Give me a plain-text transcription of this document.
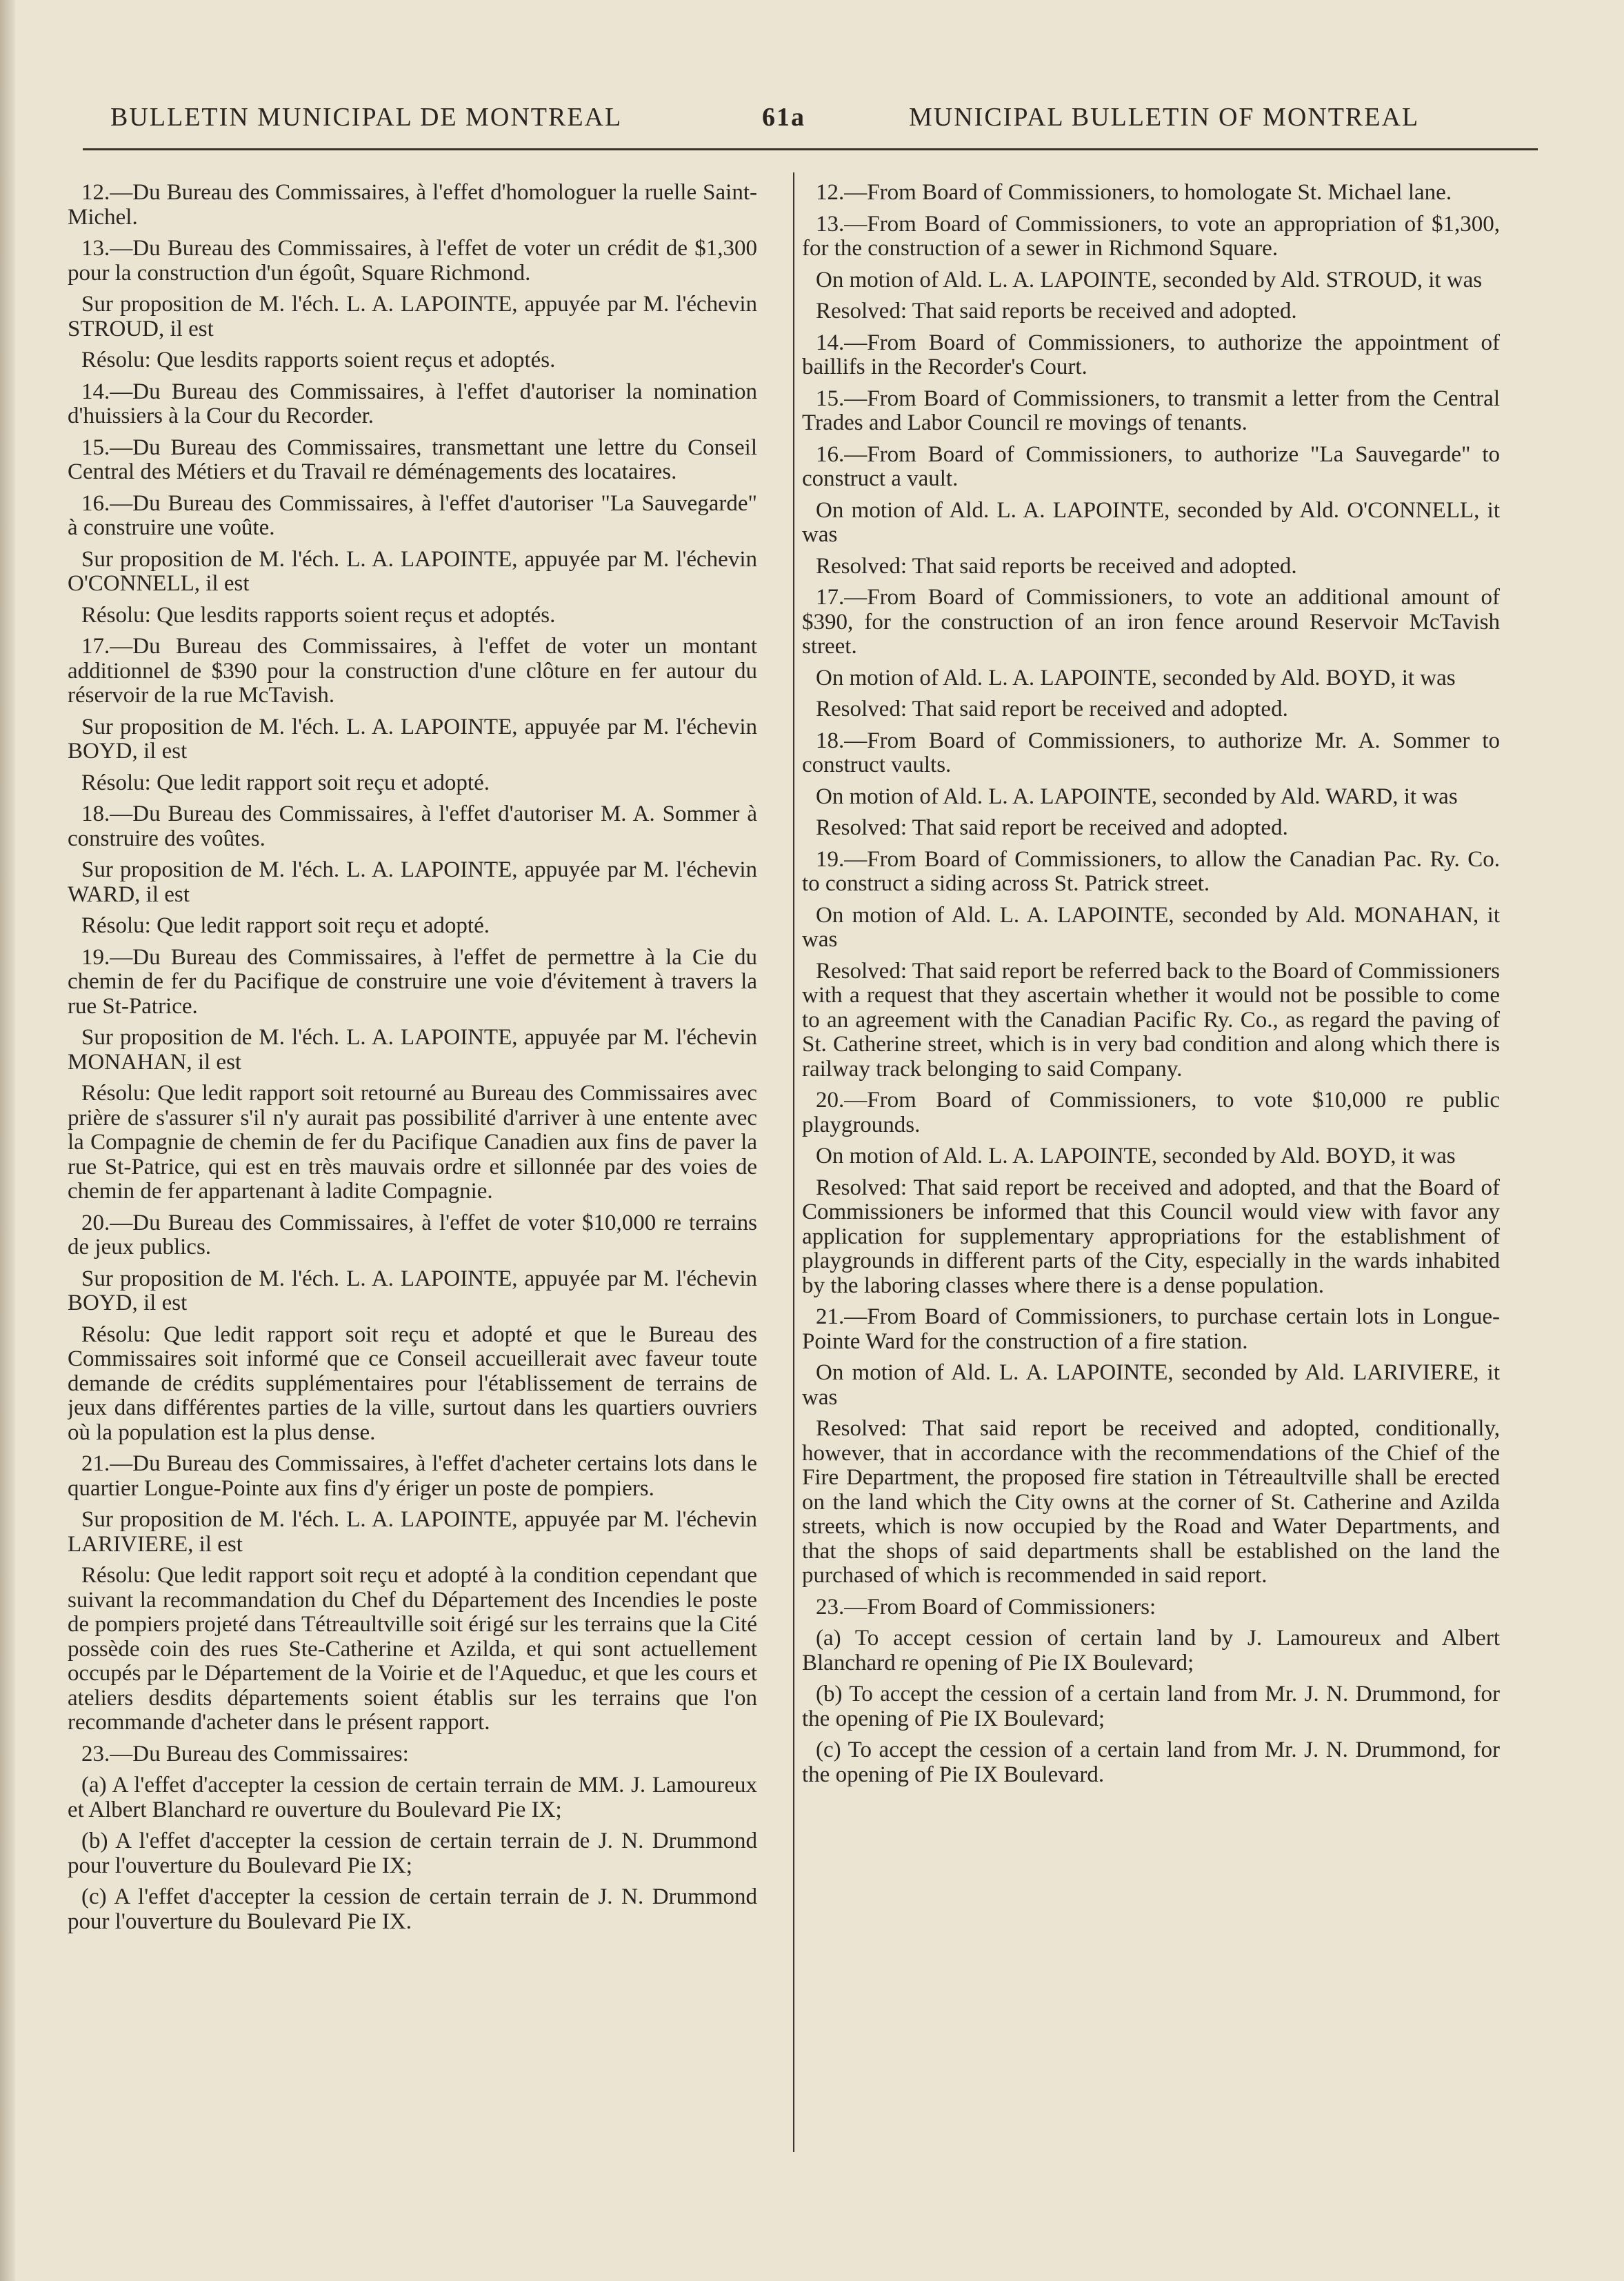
BULLETIN MUNICIPAL DE MONTREAL	61a	MUNICIPAL BULLETIN OF MONTREAL

12.—Du Bureau des Commissaires, à l'effet d'homologuer la ruelle Saint-Michel.

13.—Du Bureau des Commissaires, à l'effet de voter un crédit de $1,300 pour la construction d'un égoût, Square Richmond.

Sur proposition de M. l'éch. L. A. LAPOINTE, appuyée par M. l'échevin STROUD, il est

Résolu: Que lesdits rapports soient reçus et adoptés.

14.—Du Bureau des Commissaires, à l'effet d'autoriser la nomination d'huissiers à la Cour du Recorder.

15.—Du Bureau des Commissaires, transmettant une lettre du Conseil Central des Métiers et du Travail re déménagements des locataires.

16.—Du Bureau des Commissaires, à l'effet d'autoriser "La Sauvegarde" à construire une voûte.

Sur proposition de M. l'éch. L. A. LAPOINTE, appuyée par M. l'échevin O'CONNELL, il est

Résolu: Que lesdits rapports soient reçus et adoptés.

17.—Du Bureau des Commissaires, à l'effet de voter un montant additionnel de $390 pour la construction d'une clôture en fer autour du réservoir de la rue McTavish.

Sur proposition de M. l'éch. L. A. LAPOINTE, appuyée par M. l'échevin BOYD, il est

Résolu: Que ledit rapport soit reçu et adopté.

18.—Du Bureau des Commissaires, à l'effet d'autoriser M. A. Sommer à construire des voûtes.

Sur proposition de M. l'éch. L. A. LAPOINTE, appuyée par M. l'échevin WARD, il est

Résolu: Que ledit rapport soit reçu et adopté.

19.—Du Bureau des Commissaires, à l'effet de permettre à la Cie du chemin de fer du Pacifique de construire une voie d'évitement à travers la rue St-Patrice.

Sur proposition de M. l'éch. L. A. LAPOINTE, appuyée par M. l'échevin MONAHAN, il est

Résolu: Que ledit rapport soit retourné au Bureau des Commissaires avec prière de s'assurer s'il n'y aurait pas possibilité d'arriver à une entente avec la Compagnie de chemin de fer du Pacifique Canadien aux fins de paver la rue St-Patrice, qui est en très mauvais ordre et sillonnée par des voies de chemin de fer appartenant à ladite Compagnie.

20.—Du Bureau des Commissaires, à l'effet de voter $10,000 re terrains de jeux publics.

Sur proposition de M. l'éch. L. A. LAPOINTE, appuyée par M. l'échevin BOYD, il est

Résolu: Que ledit rapport soit reçu et adopté et que le Bureau des Commissaires soit informé que ce Conseil accueillerait avec faveur toute demande de crédits supplémentaires pour l'établissement de terrains de jeux dans différentes parties de la ville, surtout dans les quartiers ouvriers où la population est la plus dense.

21.—Du Bureau des Commissaires, à l'effet d'acheter certains lots dans le quartier Longue-Pointe aux fins d'y ériger un poste de pompiers.

Sur proposition de M. l'éch. L. A. LAPOINTE, appuyée par M. l'échevin LARIVIERE, il est

Résolu: Que ledit rapport soit reçu et adopté à la condition cependant que suivant la recommandation du Chef du Département des Incendies le poste de pompiers projeté dans Tétreaultville soit érigé sur les terrains que la Cité possède coin des rues Ste-Catherine et Azilda, et qui sont actuellement occupés par le Département de la Voirie et de l'Aqueduc, et que les cours et ateliers desdits départements soient établis sur les terrains que l'on recommande d'acheter dans le présent rapport.

23.—Du Bureau des Commissaires:

(a) A l'effet d'accepter la cession de certain terrain de MM. J. Lamoureux et Albert Blanchard re ouverture du Boulevard Pie IX;

(b) A l'effet d'accepter la cession de certain terrain de J. N. Drummond pour l'ouverture du Boulevard Pie IX;

(c) A l'effet d'accepter la cession de certain terrain de J. N. Drummond pour l'ouverture du Boulevard Pie IX.

12.—From Board of Commissioners, to homologate St. Michael lane.

13.—From Board of Commissioners, to vote an appropriation of $1,300, for the construction of a sewer in Richmond Square.

On motion of Ald. L. A. LAPOINTE, seconded by Ald. STROUD, it was

Resolved: That said reports be received and adopted.

14.—From Board of Commissioners, to authorize the appointment of baillifs in the Recorder's Court.

15.—From Board of Commissioners, to transmit a letter from the Central Trades and Labor Council re movings of tenants.

16.—From Board of Commissioners, to authorize "La Sauvegarde" to construct a vault.

On motion of Ald. L. A. LAPOINTE, seconded by Ald. O'CONNELL, it was

Resolved: That said reports be received and adopted.

17.—From Board of Commissioners, to vote an additional amount of $390, for the construction of an iron fence around Reservoir McTavish street.

On motion of Ald. L. A. LAPOINTE, seconded by Ald. BOYD, it was

Resolved: That said report be received and adopted.

18.—From Board of Commissioners, to authorize Mr. A. Sommer to construct vaults.

On motion of Ald. L. A. LAPOINTE, seconded by Ald. WARD, it was

Resolved: That said report be received and adopted.

19.—From Board of Commissioners, to allow the Canadian Pac. Ry. Co. to construct a siding across St. Patrick street.

On motion of Ald. L. A. LAPOINTE, seconded by Ald. MONAHAN, it was

Resolved: That said report be referred back to the Board of Commissioners with a request that they ascertain whether it would not be possible to come to an agreement with the Canadian Pacific Ry. Co., as regard the paving of St. Catherine street, which is in very bad condition and along which there is railway track belonging to said Company.

20.—From Board of Commissioners, to vote $10,000 re public playgrounds.

On motion of Ald. L. A. LAPOINTE, seconded by Ald. BOYD, it was

Resolved: That said report be received and adopted, and that the Board of Commissioners be informed that this Council would view with favor any application for supplementary appropriations for the establishment of playgrounds in different parts of the City, especially in the wards inhabited by the laboring classes where there is a dense population.

21.—From Board of Commissioners, to purchase certain lots in Longue-Pointe Ward for the construction of a fire station.

On motion of Ald. L. A. LAPOINTE, seconded by Ald. LARIVIERE, it was

Resolved: That said report be received and adopted, conditionally, however, that in accordance with the recommendations of the Chief of the Fire Department, the proposed fire station in Tétreaultville shall be erected on the land which the City owns at the corner of St. Catherine and Azilda streets, which is now occupied by the Road and Water Departments, and that the shops of said departments shall be established on the land the purchased of which is recommended in said report.

23.—From Board of Commissioners:

(a) To accept cession of certain land by J. Lamoureux and Albert Blanchard re opening of Pie IX Boulevard;

(b) To accept the cession of a certain land from Mr. J. N. Drummond, for the opening of Pie IX Boulevard;

(c) To accept the cession of a certain land from Mr. J. N. Drummond, for the opening of Pie IX Boulevard.
